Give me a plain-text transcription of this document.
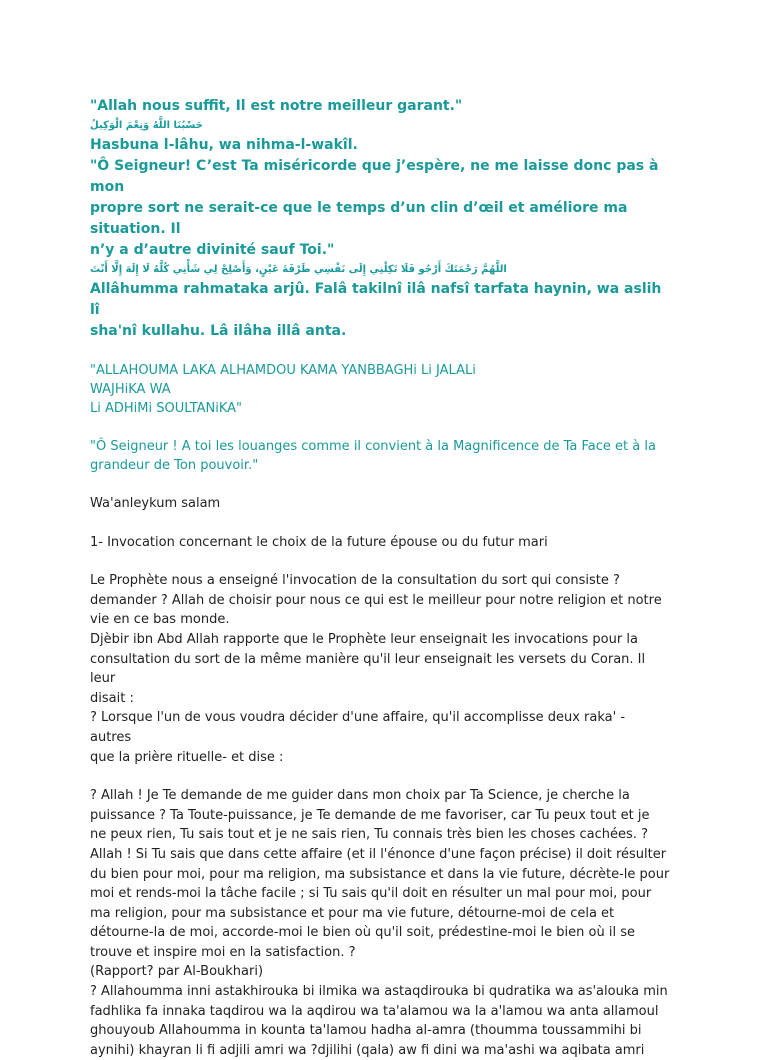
"Allah nous suffit, Il est notre meilleur garant."

حَسْبُنَا اللَّهُ وَنِعْمَ الْوَكِيلُ

Hasbuna l-lâhu, wa nihma-l-wakîl.

"Ô Seigneur! C’est Ta miséricorde que j’espère, ne me laisse donc pas à mon

propre sort ne serait-ce que le temps d’un clin d’œil et améliore ma situation. Il

n’y a d’autre divinité sauf Toi."

اللَّهُمَّ رَحْمَتَكَ أَرْجُو فَلَا تَكِلْنِي إِلَى نَفْسِي طَرْفَةَ عَيْنٍ، وَأَصْلِحْ لِي شَأْنِي كُلَّهُ لَا إِلَهَ إِلَّا أَنْتَ

Allâhumma rahmataka arjû. Falâ takilnî ilâ nafsî tarfata haynin, wa aslih lî

sha'nî kullahu. Lâ ilâha illâ anta.

"ALLAHOUMA LAKA ALHAMDOU KAMA YANBBAGHi Li JALALi

WAJHiKA WA

Li ADHiMi SOULTANiKA"

"Ô Seigneur ! A toi les louanges comme il convient à la Magnificence de Ta Face et à la

grandeur de Ton pouvoir."

Wa'anleykum salam

1- Invocation concernant le choix de la future épouse ou du futur mari

Le Prophète nous a enseigné l'invocation de la consultation du sort qui consiste ?

demander ? Allah de choisir pour nous ce qui est le meilleur pour notre religion et notre

vie en ce bas monde.

Djèbir ibn Abd Allah rapporte que le Prophète leur enseignait les invocations pour la

consultation du sort de la même manière qu'il leur enseignait les versets du Coran. Il leur

disait :

? Lorsque l'un de vous voudra décider d'une affaire, qu'il accomplisse deux raka' - autres

que la prière rituelle- et dise :

? Allah ! Je Te demande de me guider dans mon choix par Ta Science, je cherche la

puissance ? Ta Toute-puissance, je Te demande de me favoriser, car Tu peux tout et je

ne peux rien, Tu sais tout et je ne sais rien, Tu connais très bien les choses cachées. ?

Allah ! Si Tu sais que dans cette affaire (et il l'énonce d'une façon précise) il doit résulter

du bien pour moi, pour ma religion, ma subsistance et dans la vie future, décrète-le pour

moi et rends-moi la tâche facile ; si Tu sais qu'il doit en résulter un mal pour moi, pour

ma religion, pour ma subsistance et pour ma vie future, détourne-moi de cela et

détourne-la de moi, accorde-moi le bien où qu'il soit, prédestine-moi le bien où il se

trouve et inspire moi en la satisfaction. ?

(Rapport? par Al-Boukhari)

? Allahoumma inni astakhirouka bi ilmika wa astaqdirouka bi qudratika wa as'alouka min

fadhlika fa innaka taqdirou wa la aqdirou wa ta'alamou wa la a'lamou wa anta allamoul

ghouyoub Allahoumma in kounta ta'lamou hadha al-amra (thoumma toussammihi bi

aynihi) khayran li fi adjili amri wa ?djilihi (qala) aw fi dini wa ma'ashi wa aqibata amri
